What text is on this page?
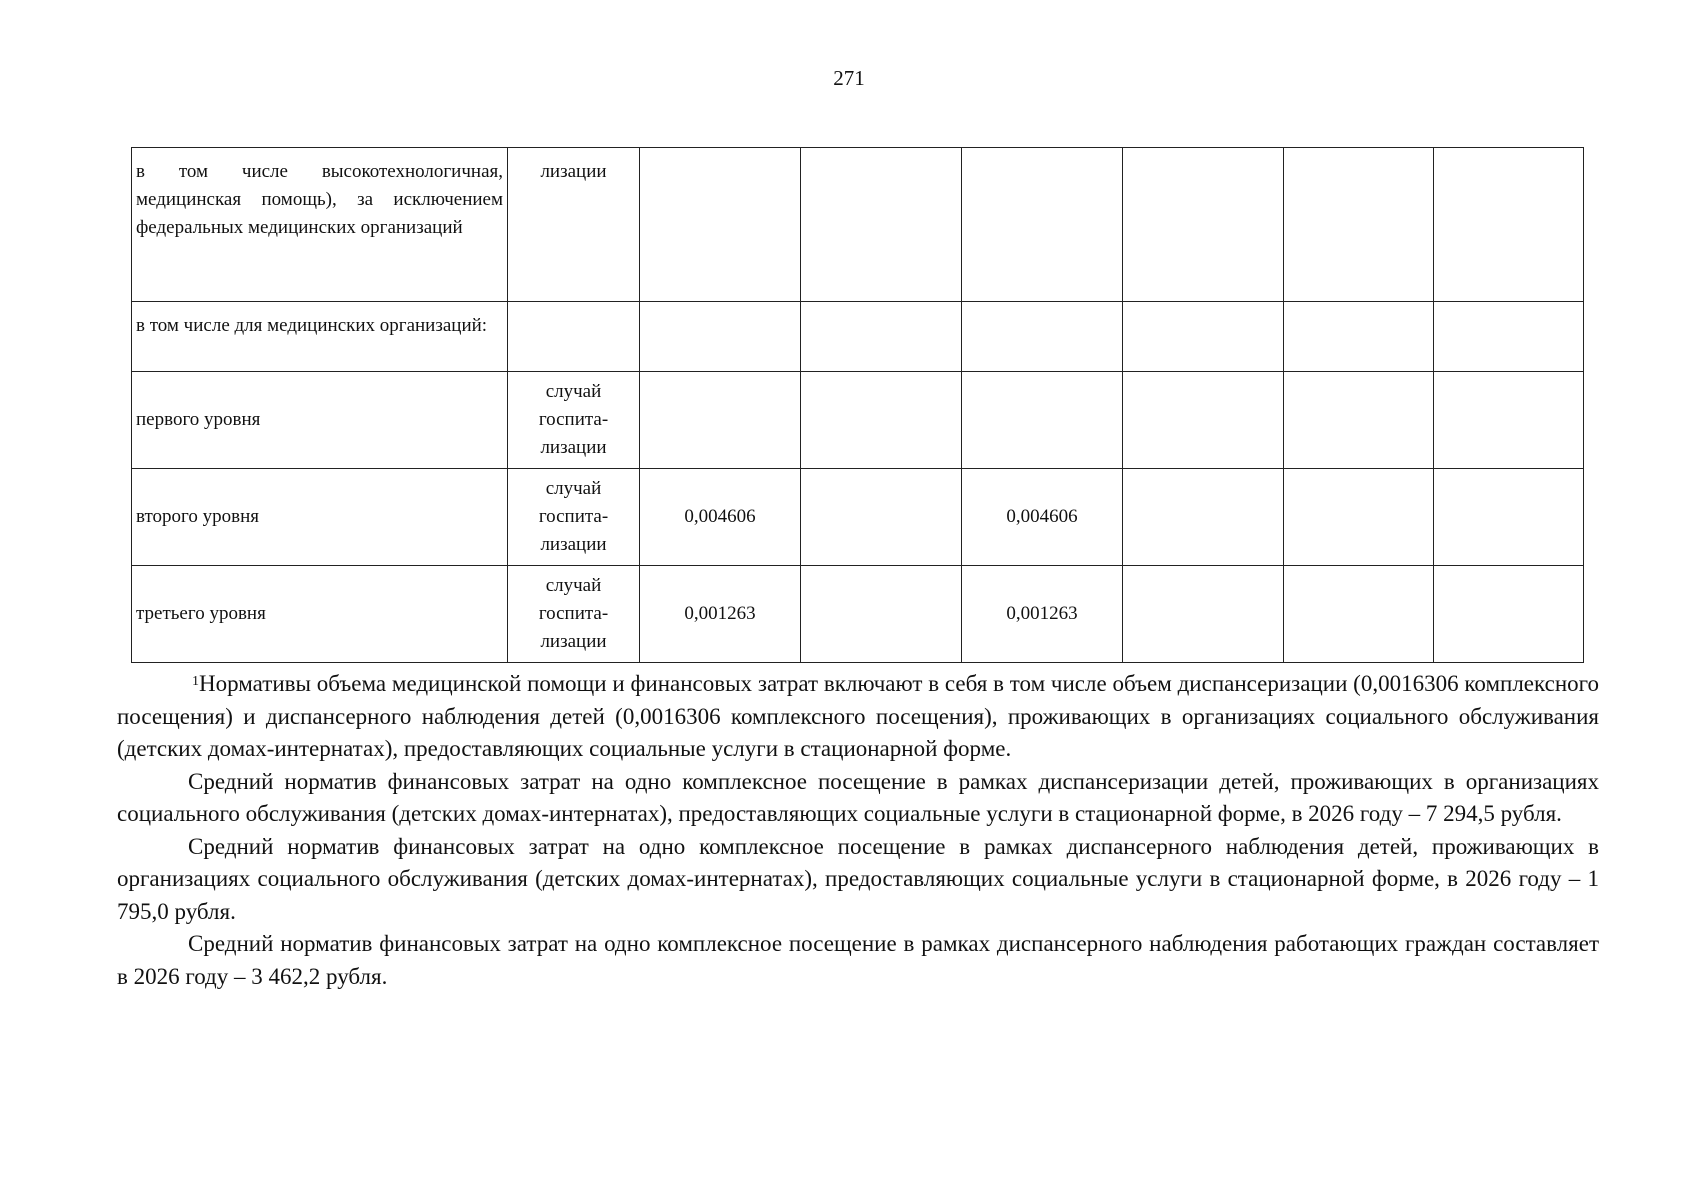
271
в том числе высокотехнологичная, медицинская помощь), за исключением федеральных медицинских организаций	лизации						
в том числе для медицинских организаций:							
первого уровня	случай госпита-лизации						
второго уровня	случай госпита-лизации	0,004606		0,004606			
третьего уровня	случай госпита-лизации	0,001263		0,001263			

$^1$Нормативы объема медицинской помощи и финансовых затрат включают в себя в том числе объем диспансеризации (0,0016306 комплексного посещения) и диспансерного наблюдения детей (0,0016306 комплексного посещения), проживающих в организациях социального обслуживания (детских домах-интернатах), предоставляющих социальные услуги в стационарной форме.

Средний норматив финансовых затрат на одно комплексное посещение в рамках диспансеризации детей, проживающих в организациях социального обслуживания (детских домах-интернатах), предоставляющих социальные услуги в стационарной форме, в 2026 году – 7 294,5 рубля.

Средний норматив финансовых затрат на одно комплексное посещение в рамках диспансерного наблюдения детей, проживающих в организациях социального обслуживания (детских домах-интернатах), предоставляющих социальные услуги в стационарной форме, в 2026 году – 1 795,0 рубля.

Средний норматив финансовых затрат на одно комплексное посещение в рамках диспансерного наблюдения работающих граждан составляет в 2026 году – 3 462,2 рубля.
